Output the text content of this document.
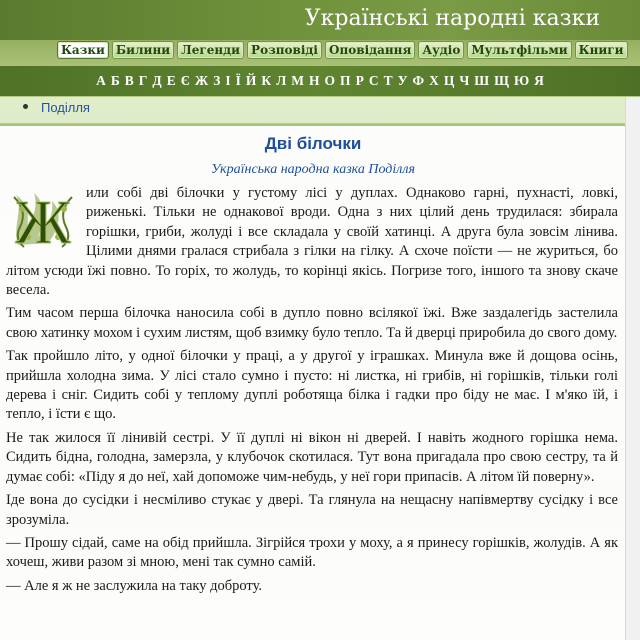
Українські народні казки
Казки Билини Легенди Розповіді Оповідання Аудіо Мультфільми Книги
А Б В Г Д Е Є Ж З І Ї Й К Л М Н О П Р С Т У Ф Х Ц Ч Ш Щ Ю Я
Поділля
Дві білочки
Українська народна казка Поділля
Ж	или собі дві білочки у густому лісі у дуплах. Однаково гарні, пухнасті, ловкі, риженькі. Тільки не однакової вроди. Одна з них цілий день трудилася: збирала горішки, гриби, жолуді і все складала у своїй хатинці. А друга була зовсім лінива. Цілими днями гралася стрибала з гілки на гілку. А схоче поїсти — не журиться, бо літом усюди їжі повно. То горіх, то жолудь, то корінці якісь. Погризе того, іншого та знову скаче весела.

Тим часом перша білочка наносила собі в дупло повно всілякої їжі. Вже заздалегідь застелила свою хатинку мохом і сухим листям, щоб взимку було тепло. Та й дверці приробила до свого дому.

Так пройшло літо, у одної білочки у праці, а у другої у іграшках. Минула вже й дощова осінь, прийшла холодна зима. У лісі стало сумно і пусто: ні листка, ні грибів, ні горішків, тільки голі дерева і сніг. Сидить собі у теплому дуплі роботяща білка і гадки про біду не має. І м'яко їй, і тепло, і їсти є що.

Не так жилося її лінивій сестрі. У її дуплі ні вікон ні дверей. І навіть жодного горішка нема. Сидить бідна, голодна, замерзла, у клубочок скотилася. Тут вона пригадала про свою сестру, та й думає собі: «Піду я до неї, хай допоможе чим-небудь, у неї гори припасів. А літом їй поверну».

Іде вона до сусідки і несміливо стукає у двері. Та глянула на нещасну напівмертву сусідку і все зрозуміла.

— Прошу сідай, саме на обід прийшла. Зігрійся трохи у моху, а я принесу горішків, жолудів. А як хочеш, живи разом зі мною, мені так сумно самій.

— Але я ж не заслужила на таку доброту.
